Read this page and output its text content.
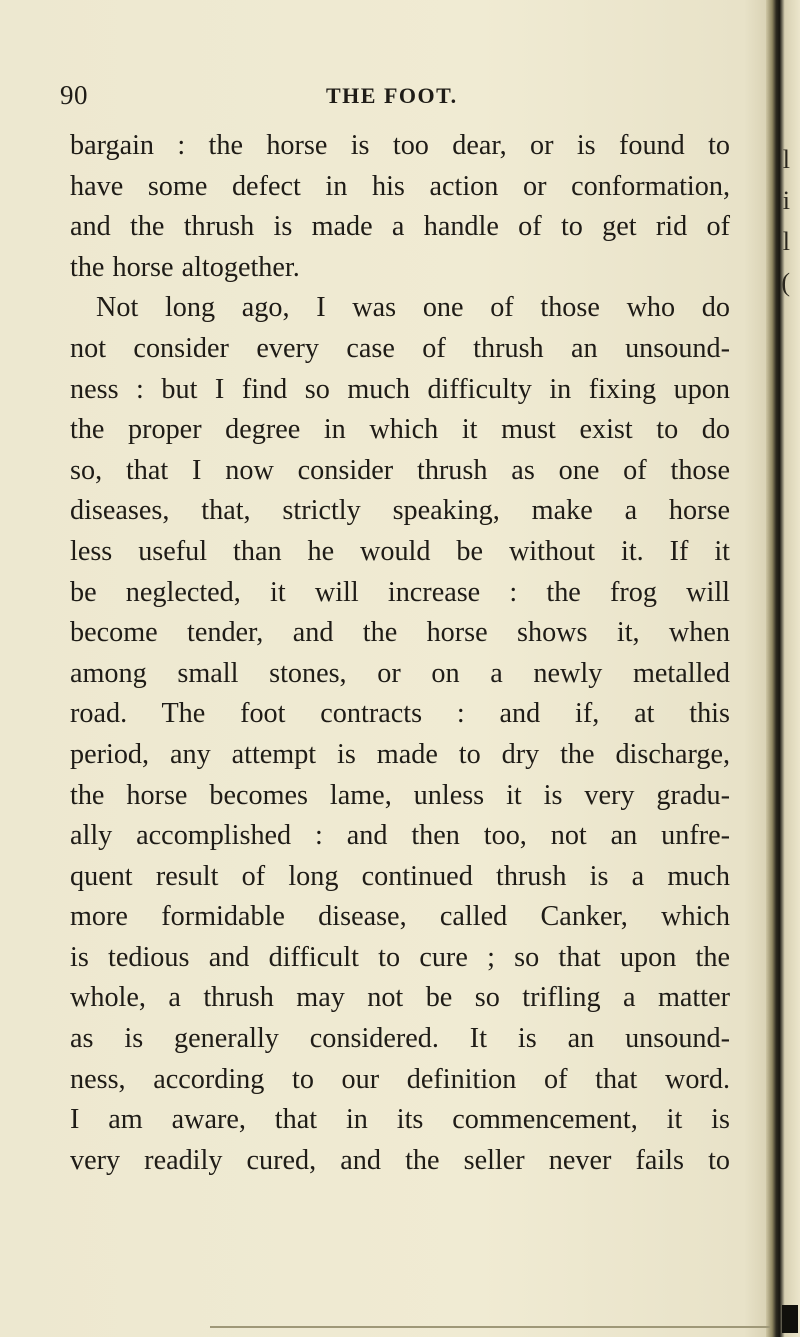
90	THE FOOT.
bargain : the horse is too dear, or is found to
have some defect in his action or conformation,
and the thrush is made a handle of to get rid of
the horse altogether.
Not long ago, I was one of those who do
not consider every case of thrush an unsound-
ness : but I find so much difficulty in fixing upon
the proper degree in which it must exist to do
so, that I now consider thrush as one of those
diseases, that, strictly speaking, make a horse
less useful than he would be without it. If it
be neglected, it will increase : the frog will
become tender, and the horse shows it, when
among small stones, or on a newly metalled
road. The foot contracts : and if, at this
period, any attempt is made to dry the discharge,
the horse becomes lame, unless it is very gradu-
ally accomplished : and then too, not an unfre-
quent result of long continued thrush is a much
more formidable disease, called Canker, which
is tedious and difficult to cure ; so that upon the
whole, a thrush may not be so trifling a matter
as is generally considered. It is an unsound-
ness, according to our definition of that word.
I am aware, that in its commencement, it is
very readily cured, and the seller never fails to
l
i
l
(
